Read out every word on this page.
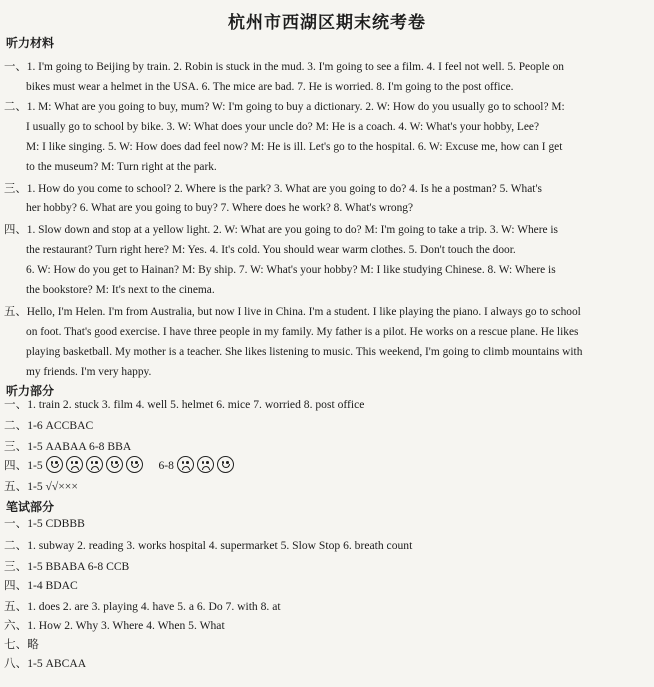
杭州市西湖区期末统考卷
听力材料
一、1. I'm going to Beijing by train. 2. Robin is stuck in the mud. 3. I'm going to see a film. 4. I feel not well. 5. People on
bikes must wear a helmet in the USA. 6. The mice are bad. 7. He is worried. 8. I'm going to the post office.
二、1. M: What are you going to buy, mum? W: I'm going to buy a dictionary. 2. W: How do you usually go to school? M:
I usually go to school by bike. 3. W: What does your uncle do? M: He is a coach. 4. W: What's your hobby, Lee?
M: I like singing. 5. W: How does dad feel now? M: He is ill. Let's go to the hospital. 6. W: Excuse me, how can I get
to the museum? M: Turn right at the park.
三、1. How do you come to school? 2. Where is the park? 3. What are you going to do? 4. Is he a postman? 5. What's
her hobby? 6. What are you going to buy? 7. Where does he work? 8. What's wrong?
四、1. Slow down and stop at a yellow light. 2. W: What are you going to do? M: I'm going to take a trip. 3. W: Where is
the restaurant? Turn right here? M: Yes. 4. It's cold. You should wear warm clothes. 5. Don't touch the door.
6. W: How do you get to Hainan? M: By ship. 7. W: What's your hobby? M: I like studying Chinese. 8. W: Where is
the bookstore? M: It's next to the cinema.
五、Hello, I'm Helen. I'm from Australia, but now I live in China. I'm a student. I like playing the piano. I always go to school
on foot. That's good exercise. I have three people in my family. My father is a pilot. He works on a rescue plane. He likes
playing basketball. My mother is a teacher. She likes listening to music. This weekend, I'm going to climb mountains with
my friends. I'm very happy.
听力部分
一、1. train 2. stuck 3. film 4. well 5. helmet 6. mice 7. worried 8. post office
二、1-6 ACCBAC
三、1-5 AABAA 6-8 BBA
四、1-5	6-8
五、1-5 √√×××
笔试部分
一、1-5 CDBBB
二、1. subway 2. reading 3. works hospital 4. supermarket 5. Slow Stop 6. breath count
三、1-5 BBABA 6-8 CCB
四、1-4 BDAC
五、1. does 2. are 3. playing 4. have 5. a 6. Do 7. with 8. at
六、1. How 2. Why 3. Where 4. When 5. What
七、略
八、1-5 ABCAA
